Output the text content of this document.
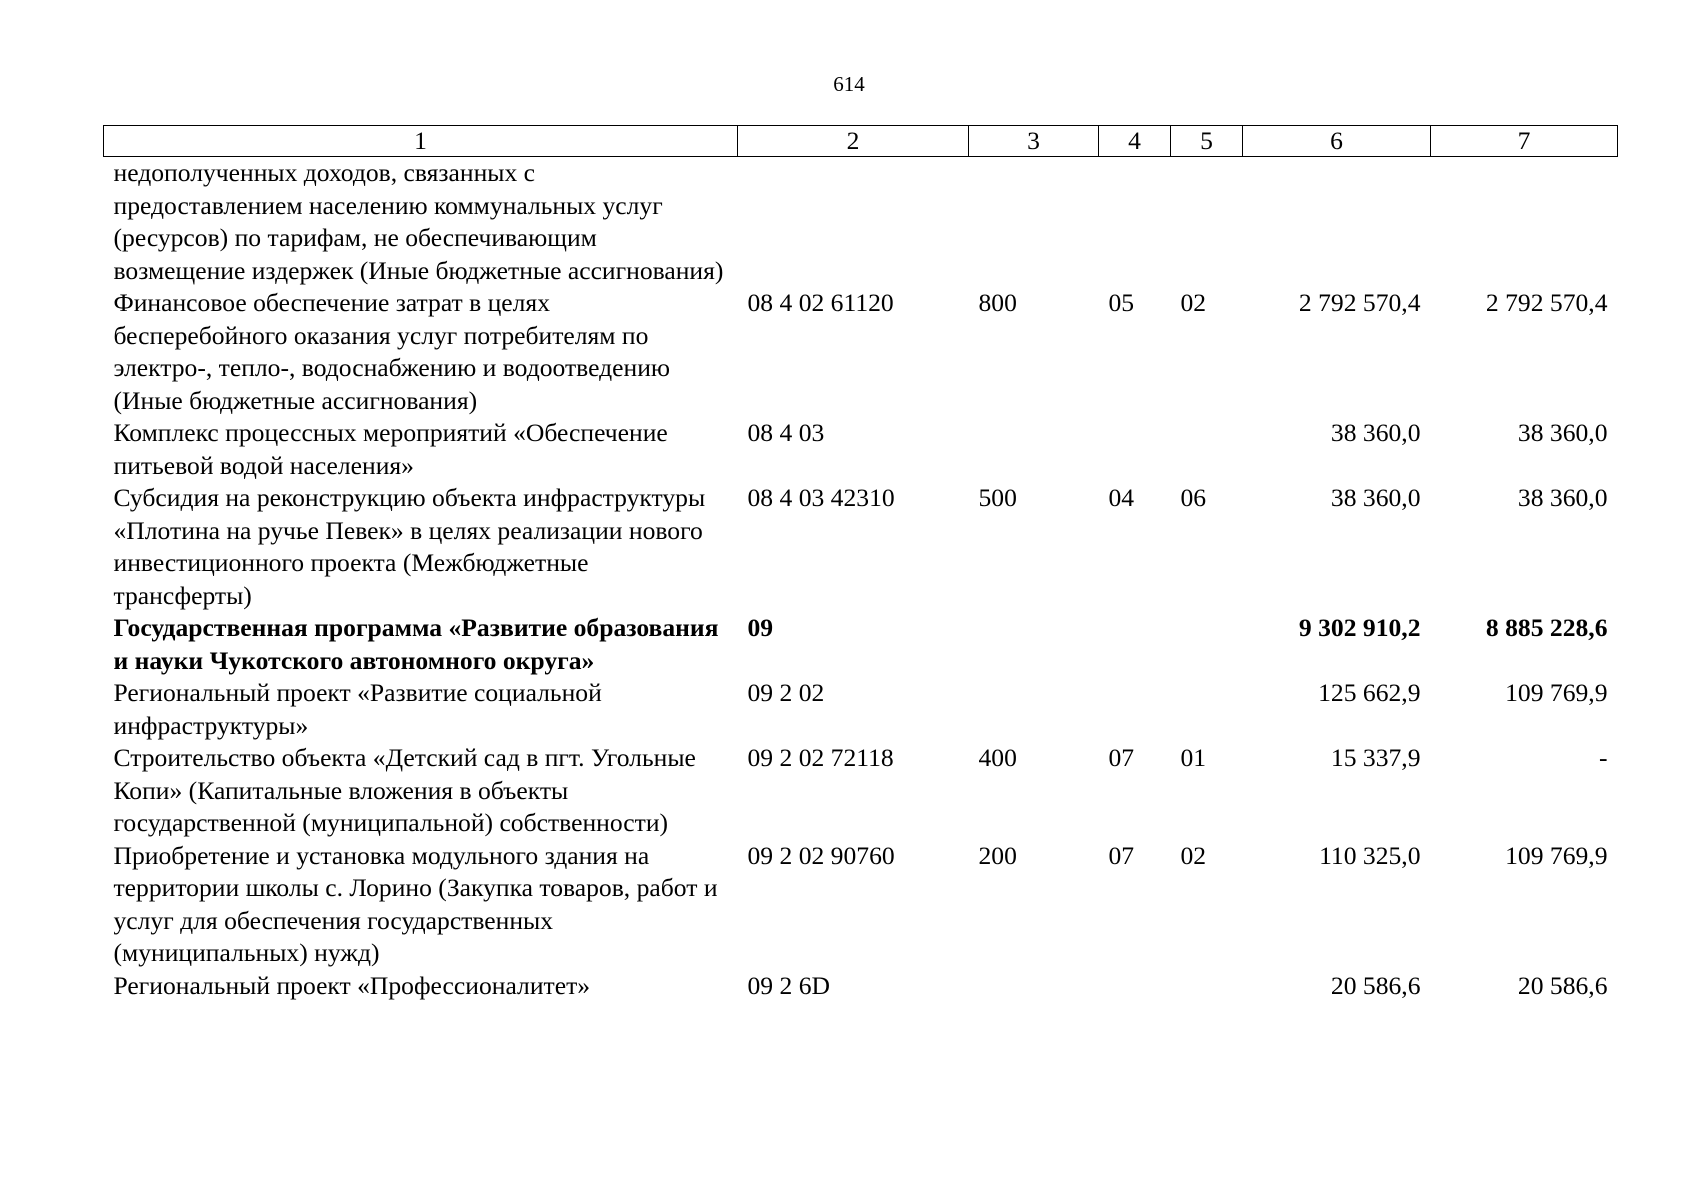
614
1	2	3	4	5	6	7
недополученных доходов, связанных с предоставлением населению коммунальных услуг (ресурсов) по тарифам, не обеспечивающим возмещение издержек (Иные бюджетные ассигнования)						
Финансовое обеспечение затрат в целях бесперебойного оказания услуг потребителям по электро-, тепло-, водоснабжению и водоотведению (Иные бюджетные ассигнования)	08 4 02 61120	800	05	02	2 792 570,4	2 792 570,4
Комплекс процессных мероприятий «Обеспечение питьевой водой населения»	08 4 03				38 360,0	38 360,0
Субсидия на реконструкцию объекта инфраструктуры «Плотина на ручье Певек» в целях реализации нового инвестиционного проекта (Межбюджетные трансферты)	08 4 03 42310	500	04	06	38 360,0	38 360,0
Государственная программа «Развитие образования и науки Чукотского автономного округа»	09				9 302 910,2	8 885 228,6
Региональный проект «Развитие социальной инфраструктуры»	09 2 02				125 662,9	109 769,9
Строительство объекта «Детский сад в пгт. Угольные Копи» (Капитальные вложения в объекты государственной (муниципальной) собственности)	09 2 02 72118	400	07	01	15 337,9	-
Приобретение и установка модульного здания на территории школы с. Лорино (Закупка товаров, работ и услуг для обеспечения государственных (муниципальных) нужд)	09 2 02 90760	200	07	02	110 325,0	109 769,9
Региональный проект «Профессионалитет»	09 2 6D				20 586,6	20 586,6
